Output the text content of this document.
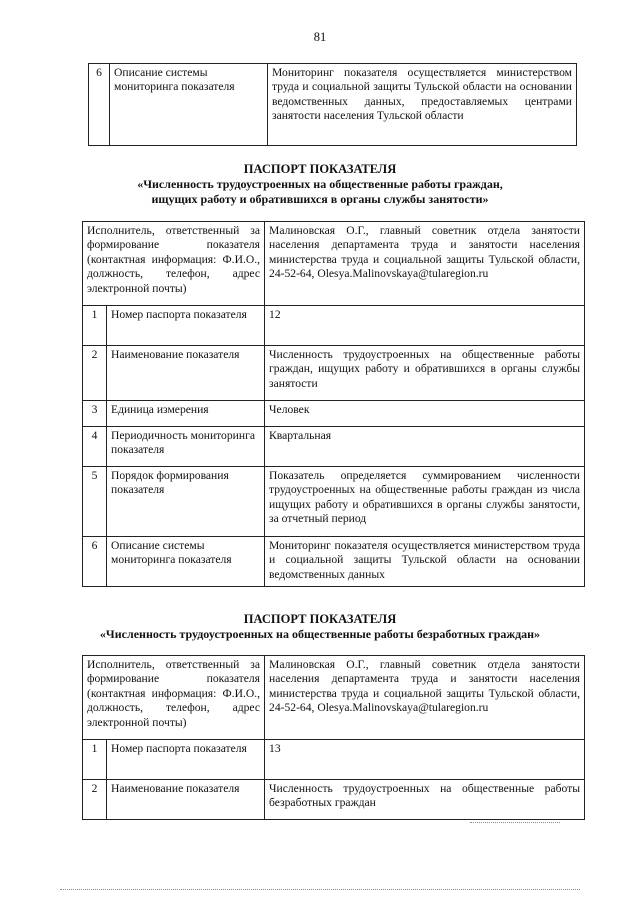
81
6	Описание системы мониторинга показателя	Мониторинг показателя осуществляется министерством труда и социальной защиты Тульской области на основании ведомственных данных, предоставляемых центрами занятости населения Тульской области
ПАСПОРТ ПОКАЗАТЕЛЯ
«Численность трудоустроенных на общественные работы граждан,
ищущих работу и обратившихся в органы службы занятости»
Исполнитель, ответственный за формирование показателя (контактная информация: Ф.И.О., должность, телефон, адрес электронной почты)		Малиновская О.Г., главный советник отдела занятости населения департамента труда и занятости населения министерства труда и социальной защиты Тульской области, 24-52-64, Olesya.Malinovskaya@tularegion.ru
1	Номер паспорта показателя	12
2	Наименование показателя	Численность трудоустроенных на общественные работы граждан, ищущих работу и обратившихся в органы службы занятости
3	Единица измерения	Человек
4	Периодичность мониторинга показателя	Квартальная
5	Порядок формирования показателя	Показатель определяется суммированием численности трудоустроенных на общественные работы граждан из числа ищущих работу и обратившихся в органы службы занятости, за отчетный период
6	Описание системы мониторинга показателя	Мониторинг показателя осуществляется министерством труда и социальной защиты Тульской области на основании ведомственных данных
ПАСПОРТ ПОКАЗАТЕЛЯ
«Численность трудоустроенных на общественные работы безработных граждан»
Исполнитель, ответственный за формирование показателя (контактная информация: Ф.И.О., должность, телефон, адрес электронной почты)		Малиновская О.Г., главный советник отдела занятости населения департамента труда и занятости населения министерства труда и социальной защиты Тульской области, 24-52-64, Olesya.Malinovskaya@tularegion.ru
1	Номер паспорта показателя	13
2	Наименование показателя	Численность трудоустроенных на общественные работы безработных граждан
